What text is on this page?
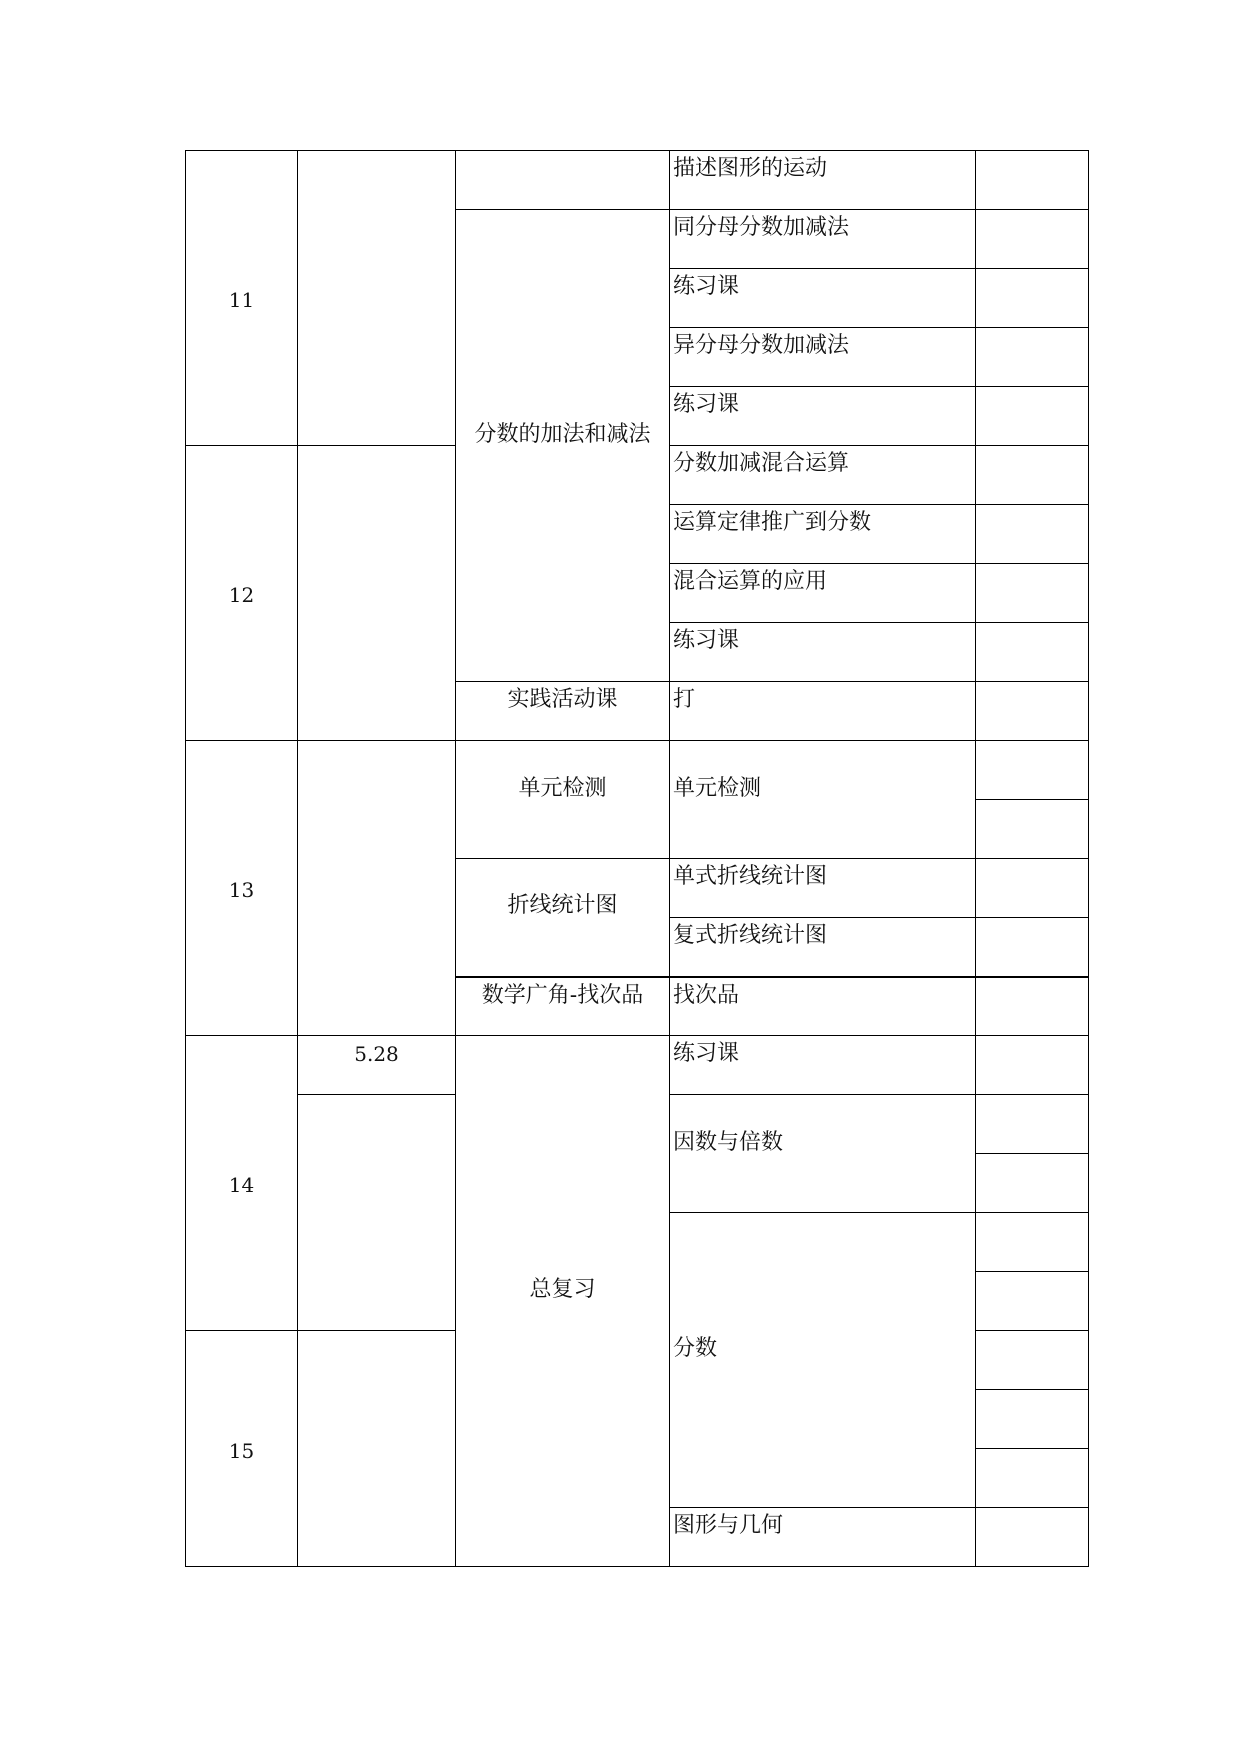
11			描述图形的运动	
		分数的加法和减法	同分母分数加减法	
			练习课	
			异分母分数加减法	
			练习课	
12			分数加减混合运算	
			运算定律推广到分数	
			混合运算的应用	
			练习课	
		实践活动课	打	
13		单元检测	单元检测	

		折线统计图	单式折线统计图	
			复式折线统计图	
		数学广角-找次品	找次品	
14	5.28	总复习	练习课	
			因数与倍数	

			分数	

15				

			图形与几何	
